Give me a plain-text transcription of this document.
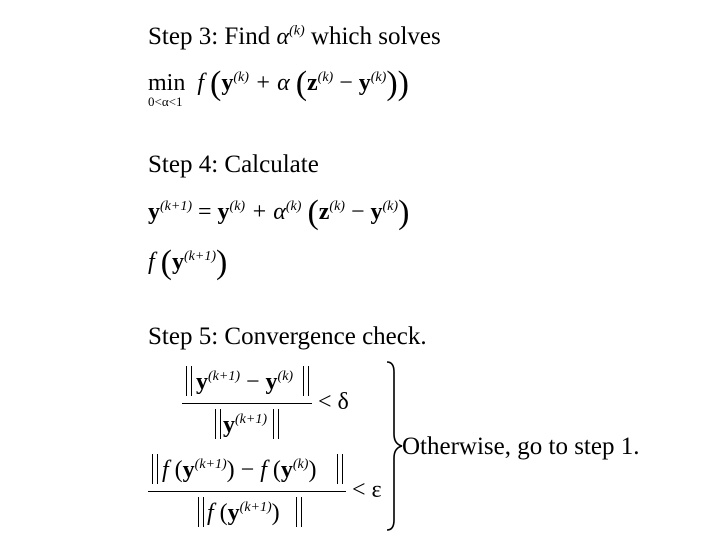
Step 3: Find $\alpha^{(k)}$ which solves
min f ($y^{(k)} + \alpha$ $(z^{(k)} - y^{(k)})$)
0<α<1
Step 4: Calculate
$y^{(k+1)} = y^{(k)} + \alpha^{(k)}$ $(z^{(k)} - y^{(k)})$
f $(y^{(k+1)})$
Step 5: Convergence check.
$y^{(k+1)} - y^{(k)}$
$y^{(k+1)}$
< δ
f $(y^{(k+1)}) - f$ $(y^{(k)})$
f $(y^{(k+1)})$
< ε
Otherwise, go to step 1.
